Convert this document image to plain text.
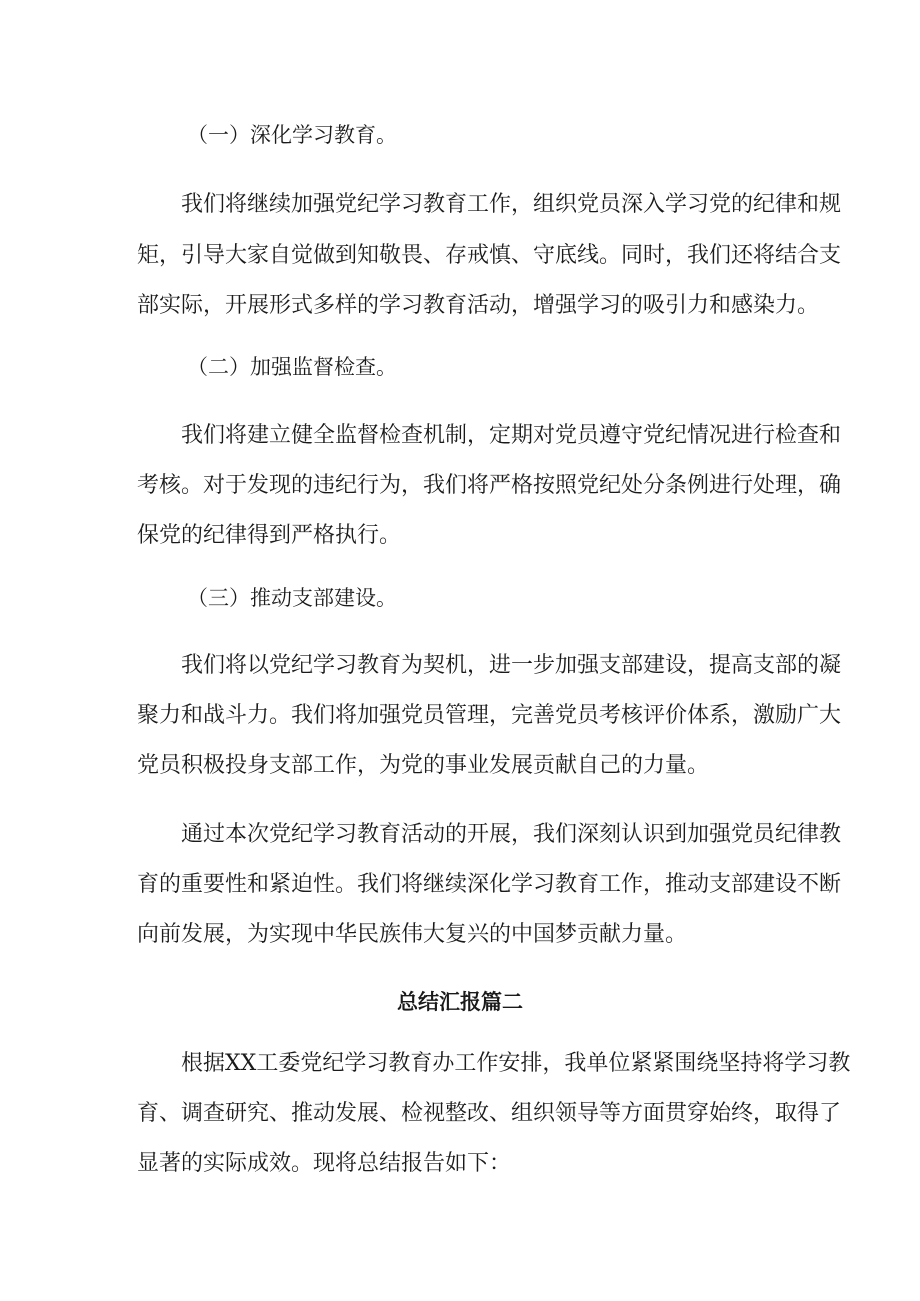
（一）深化学习教育。
我们将继续加强党纪学习教育工作，组织党员深入学习党的纪律和规
矩，引导大家自觉做到知敬畏、存戒慎、守底线。同时，我们还将结合支
部实际，开展形式多样的学习教育活动，增强学习的吸引力和感染力。
（二）加强监督检查。
我们将建立健全监督检查机制，定期对党员遵守党纪情况进行检查和
考核。对于发现的违纪行为，我们将严格按照党纪处分条例进行处理，确
保党的纪律得到严格执行。
（三）推动支部建设。
我们将以党纪学习教育为契机，进一步加强支部建设，提高支部的凝
聚力和战斗力。我们将加强党员管理，完善党员考核评价体系，激励广大
党员积极投身支部工作，为党的事业发展贡献自己的力量。
通过本次党纪学习教育活动的开展，我们深刻认识到加强党员纪律教
育的重要性和紧迫性。我们将继续深化学习教育工作，推动支部建设不断
向前发展，为实现中华民族伟大复兴的中国梦贡献力量。
总结汇报篇二
根据XX工委党纪学习教育办工作安排，我单位紧紧围绕坚持将学习教
育、调查研究、推动发展、检视整改、组织领导等方面贯穿始终，取得了
显著的实际成效。现将总结报告如下：
